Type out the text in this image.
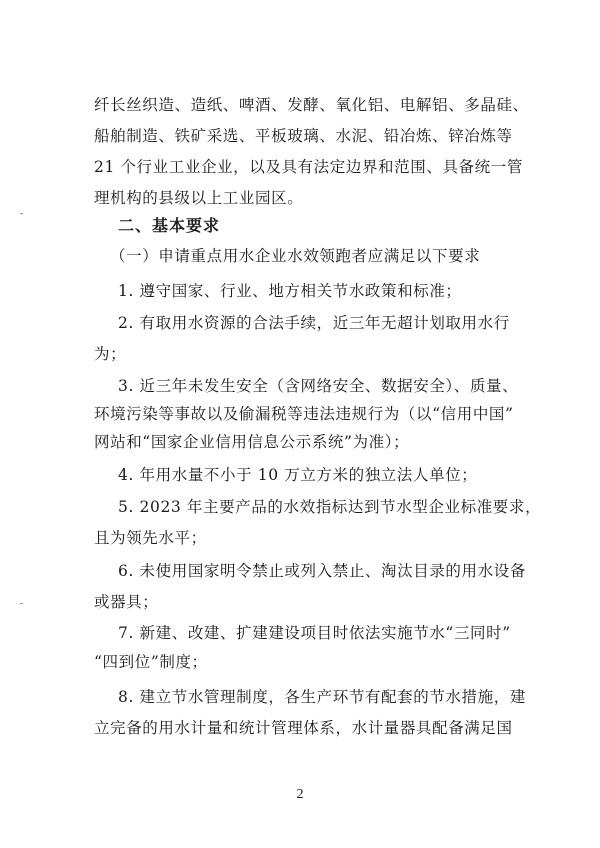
纤长丝织造、造纸、啤酒、发酵、氧化铝、电解铝、多晶硅、
船舶制造、铁矿采选、平板玻璃、水泥、铅冶炼、锌冶炼等
21 个行业工业企业，以及具有法定边界和范围、具备统一管
理机构的县级以上工业园区。
二、基本要求
（一）申请重点用水企业水效领跑者应满足以下要求
1. 遵守国家、行业、地方相关节水政策和标准；
2. 有取用水资源的合法手续，近三年无超计划取用水行
为；
3. 近三年未发生安全（含网络安全、数据安全）、质量、
环境污染等事故以及偷漏税等违法违规行为（以“信用中国”
网站和“国家企业信用信息公示系统”为准）；
4. 年用水量不小于 10 万立方米的独立法人单位；
5. 2023 年主要产品的水效指标达到节水型企业标准要求，
且为领先水平；
6. 未使用国家明令禁止或列入禁止、淘汰目录的用水设备
或器具；
7. 新建、改建、扩建建设项目时依法实施节水“三同时”
“四到位”制度；
8. 建立节水管理制度，各生产环节有配套的节水措施，建
立完备的用水计量和统计管理体系，水计量器具配备满足国
2
